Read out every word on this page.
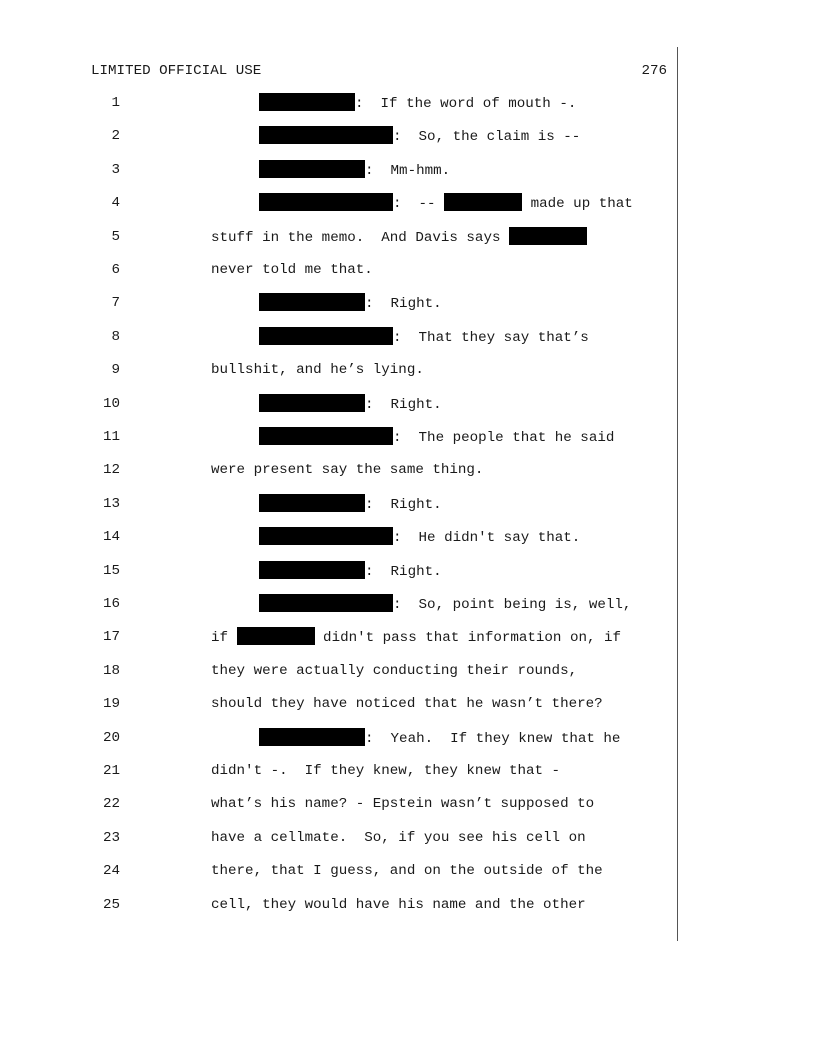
LIMITED OFFICIAL USE	276
1	:  If the word of mouth -.
2	:  So, the claim is --
3	:  Mm-hmm.
4	:  --	made up that
5	stuff in the memo.  And Davis says
6	never told me that.
7	:  Right.
8	:  That they say that’s
9	bullshit, and he’s lying.
10	:  Right.
11	:  The people that he said
12	were present say the same thing.
13	:  Right.
14	:  He didn't say that.
15	:  Right.
16	:  So, point being is, well,
17	if	didn't pass that information on, if
18	they were actually conducting their rounds,
19	should they have noticed that he wasn’t there?
20	:  Yeah.  If they knew that he
21	didn't -.  If they knew, they knew that -
22	what’s his name? - Epstein wasn’t supposed to
23	have a cellmate.  So, if you see his cell on
24	there, that I guess, and on the outside of the
25	cell, they would have his name and the other
